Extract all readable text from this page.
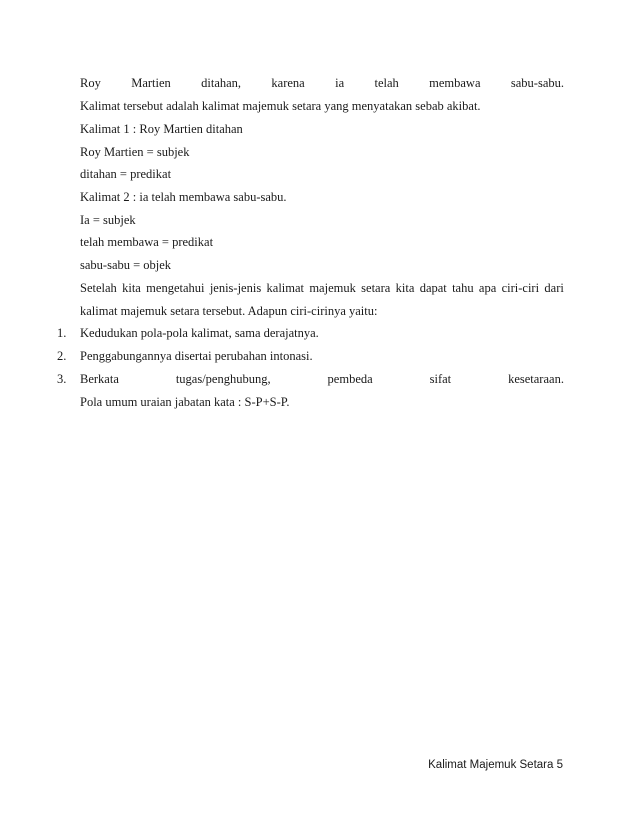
Roy Martien ditahan, karena ia telah membawa sabu-sabu.
Kalimat tersebut adalah kalimat majemuk setara yang menyatakan sebab akibat.
Kalimat 1 : Roy Martien ditahan
Roy Martien = subjek
ditahan = predikat
Kalimat 2 : ia telah membawa sabu-sabu.
Ia = subjek
telah membawa = predikat
sabu-sabu = objek
Setelah kita mengetahui jenis-jenis kalimat majemuk setara kita dapat tahu apa ciri-ciri dari
kalimat majemuk setara tersebut. Adapun ciri-cirinya yaitu:
1. Kedudukan pola-pola kalimat, sama derajatnya.
2. Penggabungannya disertai perubahan intonasi.
3. Berkata	tugas/penghubung,	pembeda	sifat	kesetaraan.
Pola umum uraian jabatan kata : S-P+S-P.
Kalimat Majemuk Setara 5
